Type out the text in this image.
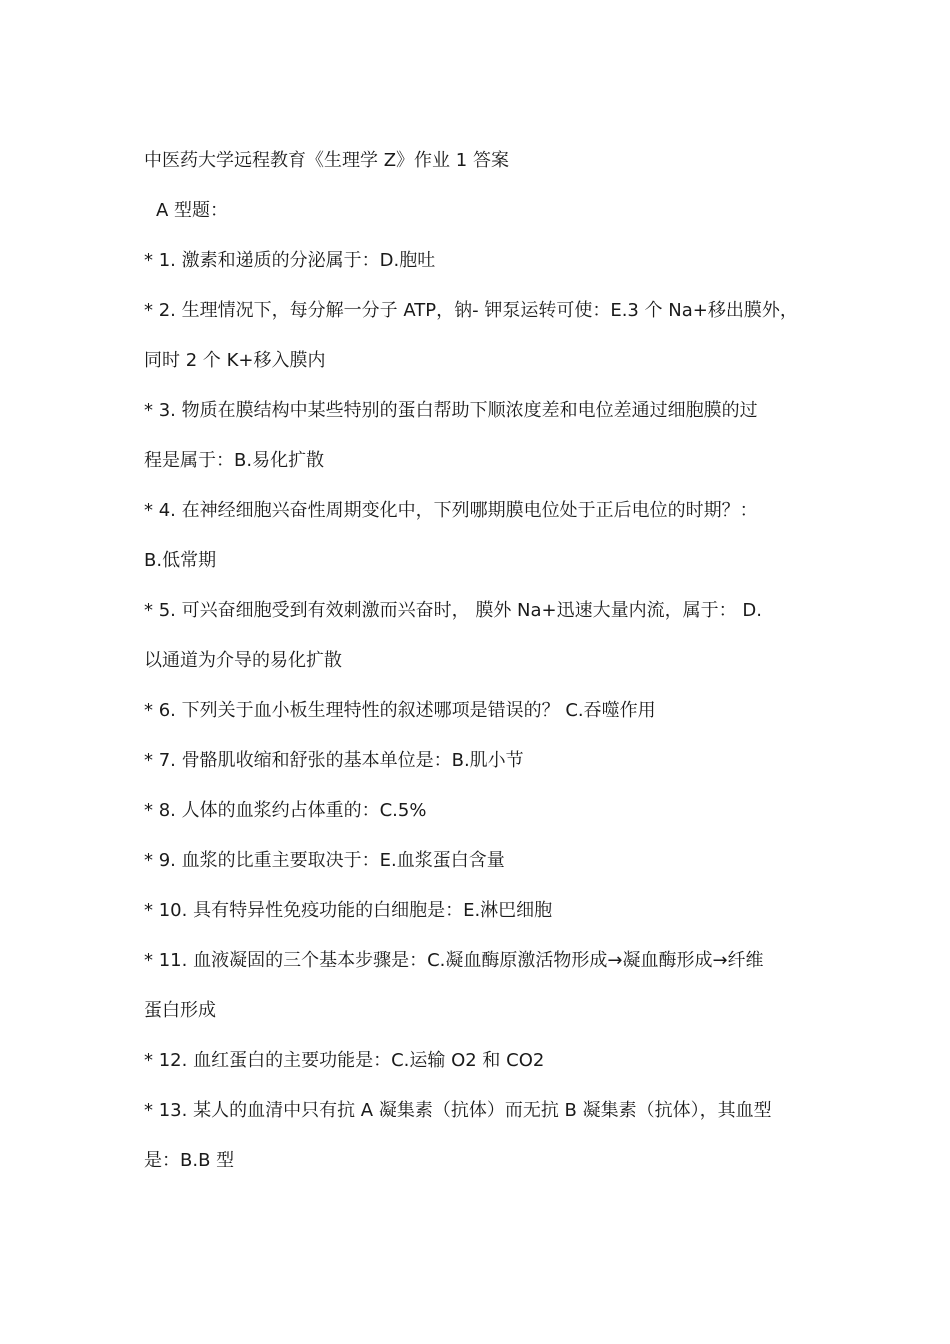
中医药大学远程教育《生理学 Z》作业 1 答案
A 型题：
* 1. 激素和递质的分泌属于：D.胞吐
* 2. 生理情况下，每分解一分子 ATP，钠- 钾泵运转可使：E.3 个 Na+移出膜外，
同时 2 个 K+移入膜内
* 3. 物质在膜结构中某些特别的蛋白帮助下顺浓度差和电位差通过细胞膜的过
程是属于：B.易化扩散
* 4. 在神经细胞兴奋性周期变化中，下列哪期膜电位处于正后电位的时期？：
B.低常期
* 5. 可兴奋细胞受到有效刺激而兴奋时， 膜外 Na+迅速大量内流，属于： D.
以通道为介导的易化扩散
* 6. 下列关于血小板生理特性的叙述哪项是错误的？ C.吞噬作用
* 7. 骨骼肌收缩和舒张的基本单位是：B.肌小节
* 8. 人体的血浆约占体重的：C.5%
* 9. 血浆的比重主要取决于：E.血浆蛋白含量
* 10. 具有特异性免疫功能的白细胞是：E.淋巴细胞
* 11. 血液凝固的三个基本步骤是：C.凝血酶原激活物形成→凝血酶形成→纤维
蛋白形成
* 12. 血红蛋白的主要功能是：C.运输 O2 和 CO2
* 13. 某人的血清中只有抗 A 凝集素（抗体）而无抗 B 凝集素（抗体），其血型
是：B.B 型
